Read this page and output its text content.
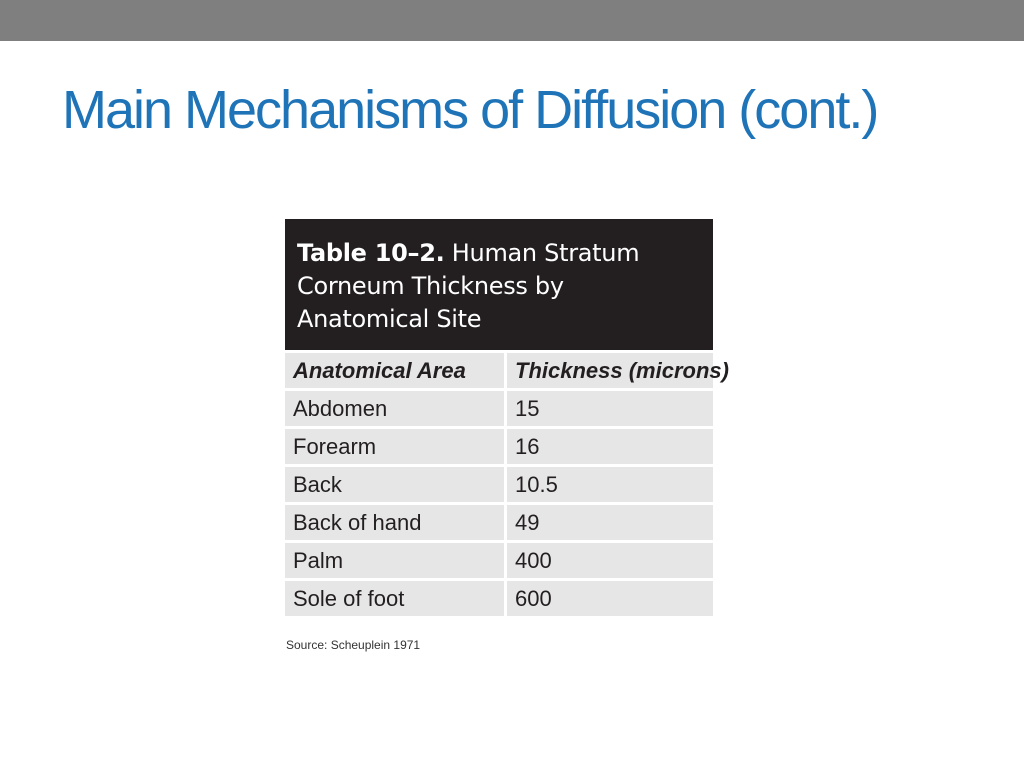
Main Mechanisms of Diffusion (cont.)
Table 10–2. Human Stratum Corneum Thickness by Anatomical Site
Anatomical Area	Thickness (microns)
Abdomen	15
Forearm	16
Back	10.5
Back of hand	49
Palm	400
Sole of foot	600
Source: Scheuplein 1971
